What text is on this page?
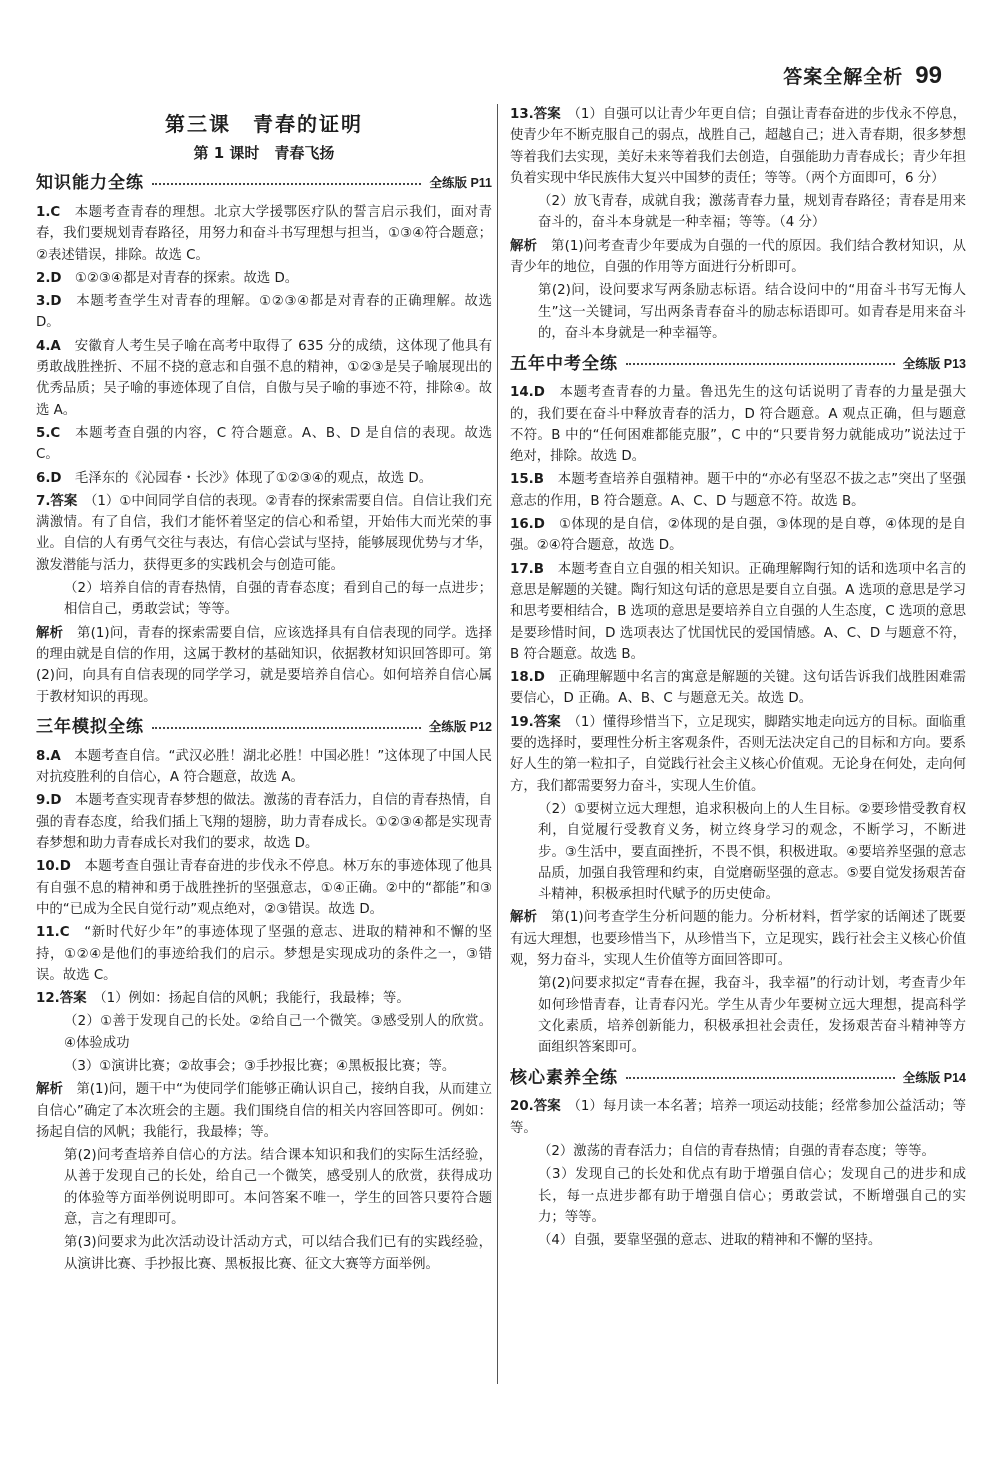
答案全解全析 99
第三课　青春的证明
第 1 课时　青春飞扬
知识能力全练	全练版 P11

1.C　 本题考查青春的理想。北京大学援鄂医疗队的誓言启示我们，面对青春，我们要规划青春路径，用努力和奋斗书写理想与担当，①③④符合题意；②表述错误，排除。故选 C。

2.D　 ①②③④都是对青春的探索。故选 D。

3.D　 本题考查学生对青春的理解。①②③④都是对青春的正确理解。故选 D。

4.A　 安徽育人考生吴子喻在高考中取得了 635 分的成绩，这体现了他具有勇敢战胜挫折、不屈不挠的意志和自强不息的精神，①②③是吴子喻展现出的优秀品质；吴子喻的事迹体现了自信，自傲与吴子喻的事迹不符，排除④。故选 A。

5.C　 本题考查自强的内容，C 符合题意。A、B、D 是自信的表现。故选 C。

6.D　 毛泽东的《沁园春・长沙》体现了①②③④的观点，故选 D。

7.答案　 （1）①中间同学自信的表现。②青春的探索需要自信。自信让我们充满激情。有了自信，我们才能怀着坚定的信心和希望，开始伟大而光荣的事业。自信的人有勇气交往与表达，有信心尝试与坚持，能够展现优势与才华，激发潜能与活力，获得更多的实践机会与创造可能。

（2）培养自信的青春热情，自强的青春态度；看到自己的每一点进步；相信自己，勇敢尝试；等等。

解析　 第(1)问，青春的探索需要自信，应该选择具有自信表现的同学。选择的理由就是自信的作用，这属于教材的基础知识，依据教材知识回答即可。第(2)问，向具有自信表现的同学学习，就是要培养自信心。如何培养自信心属于教材知识的再现。

三年模拟全练	全练版 P12

8.A　 本题考查自信。“武汉必胜！湖北必胜！中国必胜！”这体现了中国人民对抗疫胜利的自信心，A 符合题意，故选 A。

9.D　 本题考查实现青春梦想的做法。激荡的青春活力，自信的青春热情，自强的青春态度，给我们插上飞翔的翅膀，助力青春成长。①②③④都是实现青春梦想和助力青春成长对我们的要求，故选 D。

10.D　 本题考查自强让青春奋进的步伐永不停息。林万东的事迹体现了他具有自强不息的精神和勇于战胜挫折的坚强意志，①④正确。②中的“都能”和③中的“已成为全民自觉行动”观点绝对，②③错误。故选 D。

11.C　 “新时代好少年”的事迹体现了坚强的意志、进取的精神和不懈的坚持，①②④是他们的事迹给我们的启示。梦想是实现成功的条件之一，③错误。故选 C。

12.答案　 （1）例如：扬起自信的风帆；我能行，我最棒；等。

（2）①善于发现自己的长处。②给自己一个微笑。③感受别人的欣赏。④体验成功

（3）①演讲比赛；②故事会；③手抄报比赛；④黑板报比赛；等。

解析　 第(1)问，题干中“为使同学们能够正确认识自己，接纳自我，从而建立自信心”确定了本次班会的主题。我们围绕自信的相关内容回答即可。例如：扬起自信的风帆；我能行，我最棒；等。

第(2)问考查培养自信心的方法。结合课本知识和我们的实际生活经验，从善于发现自己的长处，给自己一个微笑，感受别人的欣赏，获得成功的体验等方面举例说明即可。本问答案不唯一，学生的回答只要符合题意，言之有理即可。

第(3)问要求为此次活动设计活动方式，可以结合我们已有的实践经验，从演讲比赛、手抄报比赛、黑板报比赛、征文大赛等方面举例。

13.答案　 （1）自强可以让青少年更自信；自强让青春奋进的步伐永不停息，使青少年不断克服自己的弱点，战胜自己，超越自己；进入青春期，很多梦想等着我们去实现，美好未来等着我们去创造，自强能助力青春成长；青少年担负着实现中华民族伟大复兴中国梦的责任；等等。（两个方面即可，6 分）

（2）放飞青春，成就自我；激荡青春力量，规划青春路径；青春是用来奋斗的，奋斗本身就是一种幸福；等等。（4 分）

解析　 第(1)问考查青少年要成为自强的一代的原因。我们结合教材知识，从青少年的地位，自强的作用等方面进行分析即可。

第(2)问，设问要求写两条励志标语。结合设问中的“用奋斗书写无悔人生”这一关键词，写出两条青春奋斗的励志标语即可。如青春是用来奋斗的，奋斗本身就是一种幸福等。

五年中考全练	全练版 P13

14.D　 本题考查青春的力量。鲁迅先生的这句话说明了青春的力量是强大的，我们要在奋斗中释放青春的活力，D 符合题意。A 观点正确，但与题意不符。B 中的“任何困难都能克服”，C 中的“只要肯努力就能成功”说法过于绝对，排除。故选 D。

15.B　 本题考查培养自强精神。题干中的“亦必有坚忍不拔之志”突出了坚强意志的作用，B 符合题意。A、C、D 与题意不符。故选 B。

16.D　 ①体现的是自信，②体现的是自强，③体现的是自尊，④体现的是自强。②④符合题意，故选 D。

17.B　 本题考查自立自强的相关知识。正确理解陶行知的话和选项中名言的意思是解题的关键。陶行知这句话的意思是要自立自强。A 选项的意思是学习和思考要相结合，B 选项的意思是要培养自立自强的人生态度，C 选项的意思是要珍惜时间，D 选项表达了忧国忧民的爱国情感。A、C、D 与题意不符，B 符合题意。故选 B。

18.D　 正确理解题中名言的寓意是解题的关键。这句话告诉我们战胜困难需要信心，D 正确。A、B、C 与题意无关。故选 D。

19.答案　 （1）懂得珍惜当下，立足现实，脚踏实地走向远方的目标。面临重要的选择时，要理性分析主客观条件，否则无法决定自己的目标和方向。要系好人生的第一粒扣子，自觉践行社会主义核心价值观。无论身在何处，走向何方，我们都需要努力奋斗，实现人生价值。

（2）①要树立远大理想，追求积极向上的人生目标。②要珍惜受教育权利，自觉履行受教育义务，树立终身学习的观念，不断学习，不断进步。③生活中，要直面挫折，不畏不惧，积极进取。④要培养坚强的意志品质，加强自我管理和约束，自觉磨砺坚强的意志。⑤要自觉发扬艰苦奋斗精神，积极承担时代赋予的历史使命。

解析　 第(1)问考查学生分析问题的能力。分析材料，哲学家的话阐述了既要有远大理想，也要珍惜当下，从珍惜当下，立足现实，践行社会主义核心价值观，努力奋斗，实现人生价值等方面回答即可。

第(2)问要求拟定“青春在握，我奋斗，我幸福”的行动计划，考查青少年如何珍惜青春，让青春闪光。学生从青少年要树立远大理想，提高科学文化素质，培养创新能力，积极承担社会责任，发扬艰苦奋斗精神等方面组织答案即可。

核心素养全练	全练版 P14

20.答案　 （1）每月读一本名著；培养一项运动技能；经常参加公益活动；等等。

（2）激荡的青春活力；自信的青春热情；自强的青春态度；等等。

（3）发现自己的长处和优点有助于增强自信心；发现自己的进步和成长，每一点进步都有助于增强自信心；勇敢尝试，不断增强自己的实力；等等。

（4）自强，要靠坚强的意志、进取的精神和不懈的坚持。
